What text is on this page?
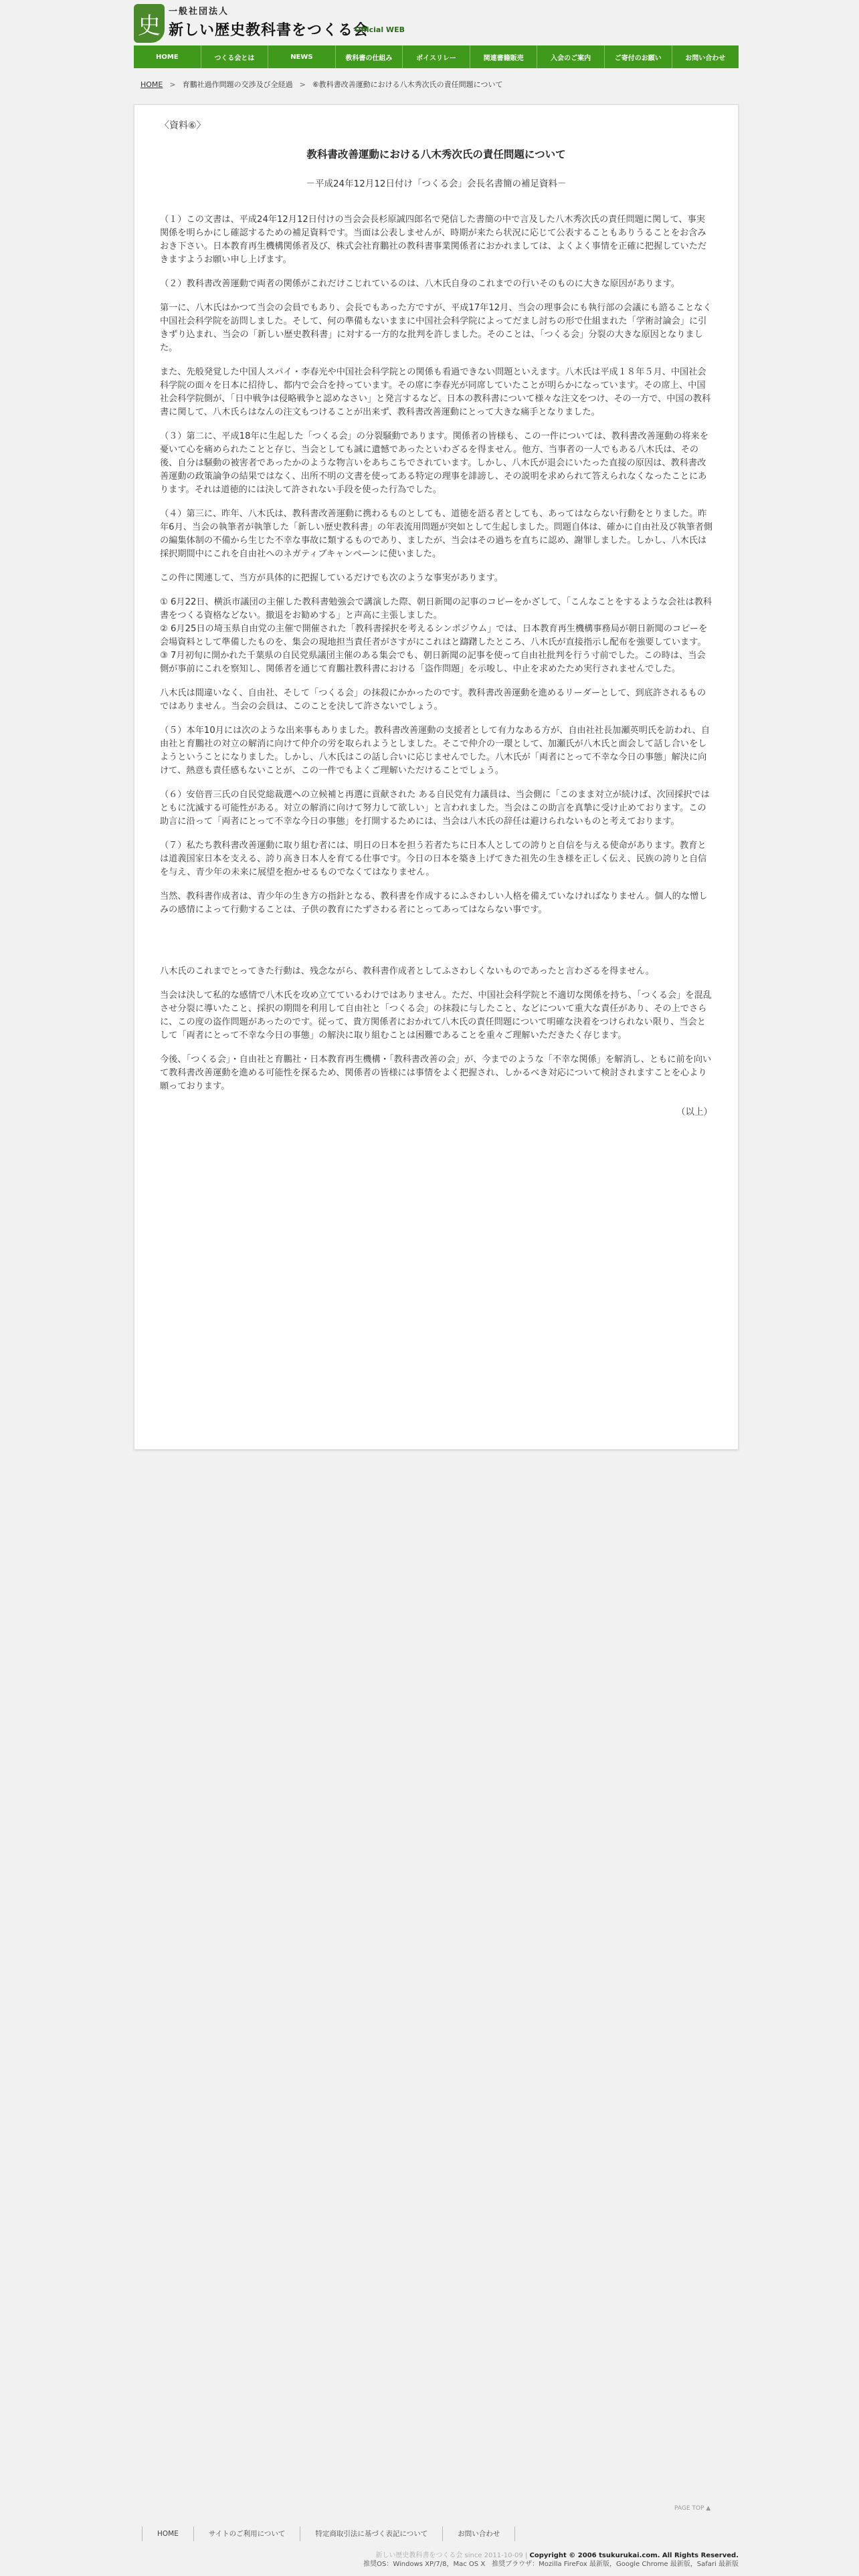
史
一般社団法人
新しい歴史教科書をつくる会
Official WEB
HOME	つくる会とは	NEWS	教科書の仕組み	ポイスリレー	関連書籍販売	入会のご案内	ご寄付のお願い	お問い合わせ
HOME > 育鵬社過作問題の交渉及び全経過 > ⑥教科書改善運動における八木秀次氏の責任問題について

〈資料⑥〉

教科書改善運動における八木秀次氏の責任問題について

－平成24年12月12日付け「つくる会」会長名書簡の補足資料－

（１）この文書は、平成24年12月12日付けの当会会長杉原誠四郎名で発信した書簡の中で言及した八木秀次氏の責任問題に関して、事実関係を明らかにし確認するための補足資料です。当面は公表しませんが、時期が来たら状況に応じて公表することもありうることをお含みおき下さい。日本教育再生機構関係者及び、株式会社育鵬社の教科書事業関係者におかれましては、よくよく事情を正確に把握していただきますようお願い申し上げます。

（２）教科書改善運動で両者の関係がこれだけこじれているのは、八木氏自身のこれまでの行いそのものに大きな原因があります。

第一に、八木氏はかつて当会の会員でもあり、会長でもあった方ですが、平成17年12月、当会の理事会にも執行部の会議にも諮ることなく中国社会科学院を訪問しました。そして、何の準備もないままに中国社会科学院によってだまし討ちの形で仕組まれた「学術討論会」に引きずり込まれ、当会の「新しい歴史教科書」に対する一方的な批判を許しました。そのことは、「つくる会」分裂の大きな原因となりました。

また、先般発覚した中国人スパイ・李春光や中国社会科学院との関係も看過できない問題といえます。八木氏は平成１８年５月、中国社会科学院の面々を日本に招待し、都内で会合を持っています。その席に李春光が同席していたことが明らかになっています。その席上、中国社会科学院側が、「日中戦争は侵略戦争と認めなさい」と発言するなど、日本の教科書について様々な注文をつけ、その一方で、中国の教科書に関して、八木氏らはなんの注文もつけることが出来ず、教科書改善運動にとって大きな痛手となりました。

（３）第二に、平成18年に生起した「つくる会」の分裂騒動であります。関係者の皆様も、この一件については、教科書改善運動の将来を憂いて心を痛められたことと存じ、当会としても誠に遺憾であったといわざるを得ません。他方、当事者の一人でもある八木氏は、その後、自分は騒動の被害者であったかのような物言いをあちこちでされています。しかし、八木氏が退会にいたった直接の原因は、教科書改善運動の政策論争の結果ではなく、出所不明の文書を使ってある特定の理事を誹謗し、その説明を求められて答えられなくなったことにあります。それは道徳的には決して許されない手段を使った行為でした。

（４）第三に、昨年、八木氏は、教科書改善運動に携わるものとしても、道徳を語る者としても、あってはならない行動をとりました。昨年6月、当会の執筆者が執筆した「新しい歴史教科書」の年表流用問題が突如として生起しました。問題自体は、確かに自由社及び執筆者側の編集体制の不備から生じた不幸な事故に類するものであり、ましたが、当会はその過ちを直ちに認め、謝罪しました。しかし、八木氏は採択期間中にこれを自由社へのネガティブキャンペーンに使いました。

この件に関連して、当方が具体的に把握しているだけでも次のような事実があります。

① 6月22日、横浜市議団の主催した教科書勉強会で講演した際、朝日新聞の記事のコピーをかざして、「こんなことをするような会社は教科書をつくる資格などない。撤退をお勧めする」と声高に主張しました。
② 6月25日の埼玉県自由党の主催で開催された「教科書採択を考えるシンポジウム」では、日本教育再生機構事務局が朝日新聞のコピーを会場資料として準備したものを、集会の現地担当責任者がさすがにこれはと躊躇したところ、八木氏が直接指示し配布を強要しています。
③ 7月初旬に開かれた千葉県の自民党県議団主催のある集会でも、朝日新聞の記事を使って自由社批判を行う寸前でした。この時は、当会側が事前にこれを察知し、関係者を通じて育鵬社教科書における「盗作問題」を示唆し、中止を求めたため実行されませんでした。

八木氏は間違いなく、自由社、そして「つくる会」の抹殺にかかったのです。教科書改善運動を進めるリーダーとして、到底許されるものではありません。当会の会員は、このことを決して許さないでしょう。

（５）本年10月には次のような出来事もありました。教科書改善運動の支援者として有力なある方が、自由社社長加瀬英明氏を訪われ、自由社と育鵬社の対立の解消に向けて仲介の労を取られようとしました。そこで仲介の一環として、加瀬氏が八木氏と面会して話し合いをしようということになりました。しかし、八木氏はこの話し合いに応じませんでした。八木氏が「両者にとって不幸な今日の事態」解決に向けて、熱意も責任感もないことが、この一件でもよくご理解いただけることでしょう。

（６）安倍晋三氏の自民党総裁選への立候補と再選に貢献された ある自民党有力議員は、当会側に「このまま対立が続けば、次回採択ではともに沈滅する可能性がある。対立の解消に向けて努力して欲しい」と言われました。当会はこの助言を真摯に受け止めております。この助言に沿って「両者にとって不幸な今日の事態」を打開するためには、当会は八木氏の辞任は避けられないものと考えております。

（７）私たち教科書改善運動に取り組む者には、明日の日本を担う若者たちに日本人としての誇りと自信を与える使命があります。教育とは道義国家日本を支える、誇り高き日本人を育てる仕事です。今日の日本を築き上げてきた祖先の生き様を正しく伝え、民族の誇りと自信を与え、青少年の未来に展望を抱かせるものでなくてはなりません。

当然、教科書作成者は、青少年の生き方の指針となる、教科書を作成するにふさわしい人格を備えていなければなりません。個人的な憎しみの感情によって行動することは、子供の教育にたずさわる者にとってあってはならない事です。

八木氏のこれまでとってきた行動は、残念ながら、教科書作成者としてふさわしくないものであったと言わざるを得ません。

当会は決して私的な感情で八木氏を攻め立てているわけではありません。ただ、中国社会科学院と不適切な関係を持ち、「つくる会」を混乱させ分裂に導いたこと、採択の期間を利用して自由社と「つくる会」の抹殺に与したこと、などについて重大な責任があり、その上でさらに、この度の盗作問題があったのです。従って、貴方関係者におかれて八木氏の責任問題について明確な決着をつけられない限り、当会として「両者にとって不幸な今日の事態」の解決に取り組むことは困難であることを重々ご理解いただきたく存じます。

今後、「つくる会」・自由社と育鵬社・日本教育再生機構・「教科書改善の会」が、今までのような「不幸な関係」を解消し、ともに前を向いて教科書改善運動を進める可能性を探るため、関係者の皆様には事情をよく把握され、しかるべき対応について検討されますことを心より願っております。

（以上）

PAGE TOP ▲
HOME	サイトのご利用について	特定商取引法に基づく表記について	お問い合わせ
新しい歴史教科書をつくる会 since 2011-10-09 | Copyright © 2006 tsukurukai.com. All Rights Reserved.
推奨OS：Windows XP/7/8，Mac OS X　推奨ブラウザ：Mozilla FireFox 最新版，Google Chrome 最新版，Safari 最新版
